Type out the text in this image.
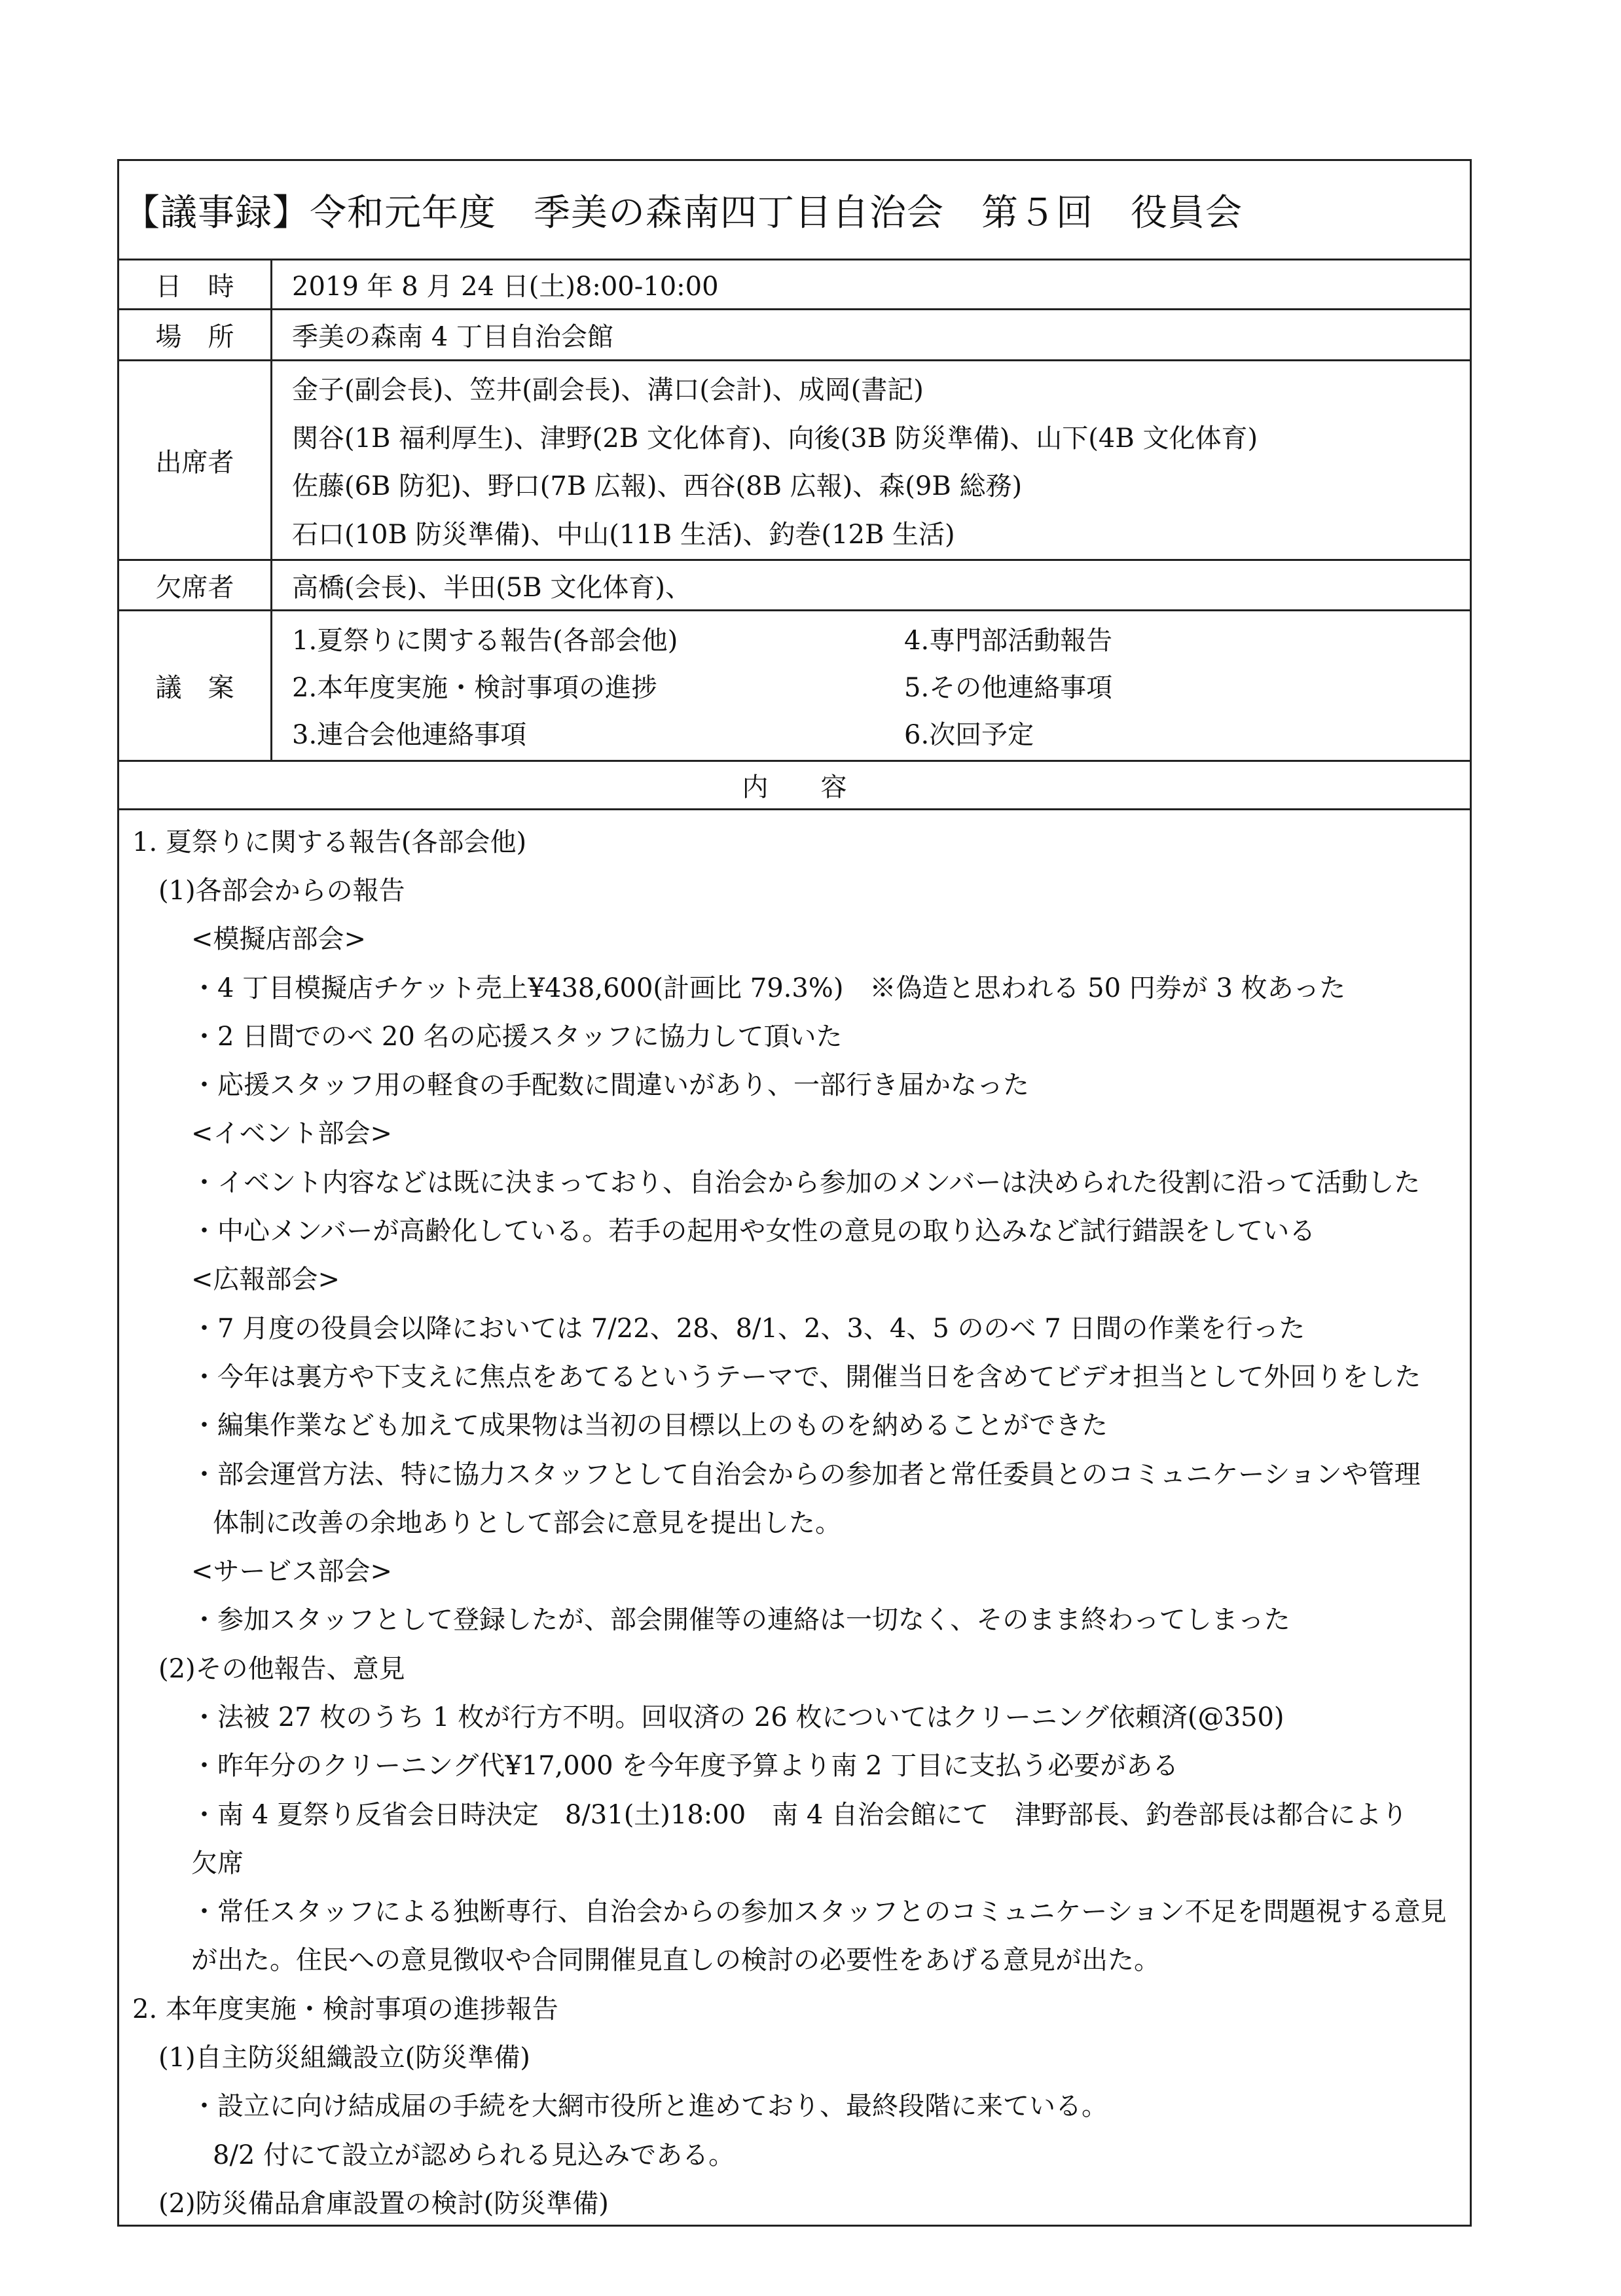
【議事録】令和元年度　季美の森南四丁目自治会　第５回　役員会
日　時	2019 年 8 月 24 日(土)8:00-10:00
場　所	季美の森南 4 丁目自治会館
出席者
金子(副会長)、笠井(副会長)、溝口(会計)、成岡(書記)
関谷(1B 福利厚生)、津野(2B 文化体育)、向後(3B 防災準備)、山下(4B 文化体育)
佐藤(6B 防犯)、野口(7B 広報)、西谷(8B 広報)、森(9B 総務)
石口(10B 防災準備)、中山(11B 生活)、釣巻(12B 生活)
欠席者	高橋(会長)、半田(5B 文化体育)、
議　案
1.夏祭りに関する報告(各部会他)	4.専門部活動報告
2.本年度実施・検討事項の進捗	5.その他連絡事項
3.連合会他連絡事項	6.次回予定
内　　容
1. 夏祭りに関する報告(各部会他)
(1)各部会からの報告
<模擬店部会>
・4 丁目模擬店チケット売上¥438,600(計画比 79.3%)　※偽造と思われる 50 円券が 3 枚あった
・2 日間でのべ 20 名の応援スタッフに協力して頂いた
・応援スタッフ用の軽食の手配数に間違いがあり、一部行き届かなった
<イベント部会>
・イベント内容などは既に決まっており、自治会から参加のメンバーは決められた役割に沿って活動した
・中心メンバーが高齢化している。若手の起用や女性の意見の取り込みなど試行錯誤をしている
<広報部会>
・7 月度の役員会以降においては 7/22、28、8/1、2、3、4、5 ののべ 7 日間の作業を行った
・今年は裏方や下支えに焦点をあてるというテーマで、開催当日を含めてビデオ担当として外回りをした
・編集作業なども加えて成果物は当初の目標以上のものを納めることができた
・部会運営方法、特に協力スタッフとして自治会からの参加者と常任委員とのコミュニケーションや管理
体制に改善の余地ありとして部会に意見を提出した。
<サービス部会>
・参加スタッフとして登録したが、部会開催等の連絡は一切なく、そのまま終わってしまった
(2)その他報告、意見
・法被 27 枚のうち 1 枚が行方不明。回収済の 26 枚についてはクリーニング依頼済(@350)
・昨年分のクリーニング代¥17,000 を今年度予算より南 2 丁目に支払う必要がある
・南 4 夏祭り反省会日時決定　8/31(土)18:00　南 4 自治会館にて　津野部長、釣巻部長は都合により
欠席
・常任スタッフによる独断専行、自治会からの参加スタッフとのコミュニケーション不足を問題視する意見
が出た。住民への意見徴収や合同開催見直しの検討の必要性をあげる意見が出た。
2. 本年度実施・検討事項の進捗報告
(1)自主防災組織設立(防災準備)
・設立に向け結成届の手続を大網市役所と進めており、最終段階に来ている。
8/2 付にて設立が認められる見込みである。
(2)防災備品倉庫設置の検討(防災準備)
